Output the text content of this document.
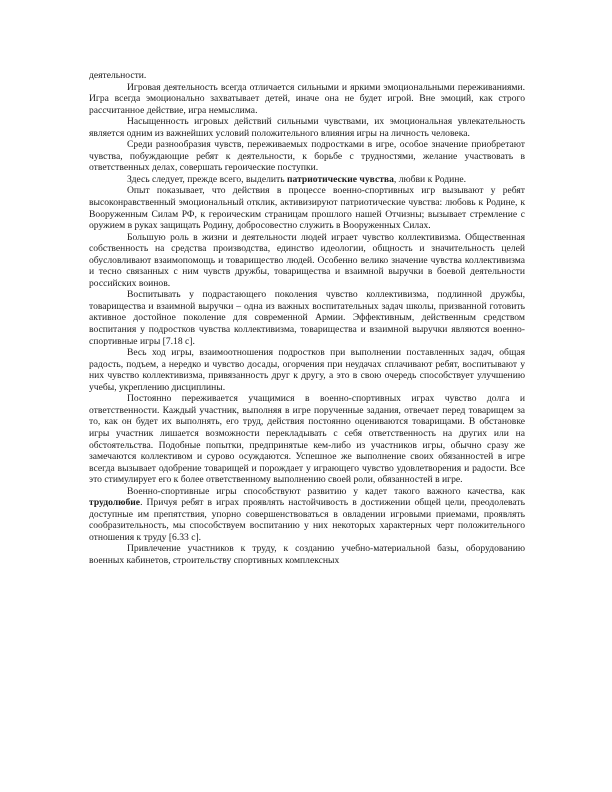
деятельности.

Игровая деятельность всегда отличается сильными и яркими эмоциональными переживаниями. Игра всегда эмоционально захватывает детей, иначе она не будет игрой. Вне эмоций, как строго рассчитанное действие, игра немыслима.

Насыщенность игровых действий сильными чувствами, их эмоциональная увлекательность является одним из важнейших условий положительного влияния игры на личность человека.

Среди разнообразия чувств, переживаемых подростками в игре, особое значение приобретают чувства, побуждающие ребят к деятельности, к борьбе с трудностями, желание участвовать в ответственных делах, совершать героические поступки.

Здесь следует, прежде всего, выделить патриотические чувства, любви к Родине.

Опыт показывает, что действия в процессе военно-спортивных игр вызывают у ребят высоконравственный эмоциональный отклик, активизируют патриотические чувства: любовь к Родине, к Вооруженным Силам РФ, к героическим страницам прошлого нашей Отчизны; вызывает стремление с оружием в руках защищать Родину, добросовестно служить в Вооруженных Силах.

Большую роль в жизни и деятельности людей играет чувство коллективизма. Общественная собственность на средства производства, единство идеологии, общность и значительность целей обусловливают взаимопомощь и товарищество людей. Особенно велико значение чувства коллективизма и тесно связанных с ним чувств дружбы, товарищества и взаимной выручки в боевой деятельности российских воинов.

Воспитывать у подрастающего поколения чувство коллективизма, подлинной дружбы, товарищества и взаимной выручки – одна из важных воспитательных задач школы, призванной готовить активное достойное поколение для современной Армии. Эффективным, действенным средством воспитания у подростков чувства коллективизма, товарищества и взаимной выручки являются военно-спортивные игры [7.18 с].

Весь ход игры, взаимоотношения подростков при выполнении поставленных задач, общая радость, подъем, а нередко и чувство досады, огорчения при неудачах сплачивают ребят, воспитывают у них чувство коллективизма, привязанность друг к другу, а это в свою очередь способствует улучшению учебы, укреплению дисциплины.

Постоянно переживается учащимися в военно-спортивных играх чувство долга и ответственности. Каждый участник, выполняя в игре порученные задания, отвечает перед товарищем за то, как он будет их выполнять, его труд, действия постоянно оцениваются товарищами. В обстановке игры участник лишается возможности перекладывать с себя ответственность на других или на обстоятельства. Подобные попытки, предпринятые кем-либо из участников игры, обычно сразу же замечаются коллективом и сурово осуждаются. Успешное же выполнение своих обязанностей в игре всегда вызывает одобрение товарищей и порождает у играющего чувство удовлетворения и радости. Все это стимулирует его к более ответственному выполнению своей роли, обязанностей в игре.

Военно-спортивные игры способствуют развитию у кадет такого важного качества, как трудолюбие. Причуя ребят в играх проявлять настойчивость в достижении общей цели, преодолевать доступные им препятствия, упорно совершенствоваться в овладении игровыми приемами, проявлять сообразительность, мы способствуем воспитанию у них некоторых характерных черт положительного отношения к труду [6.33 с].

Привлечение участников к труду, к созданию учебно-материальной базы, оборудованию военных кабинетов, строительству спортивных комплексных
